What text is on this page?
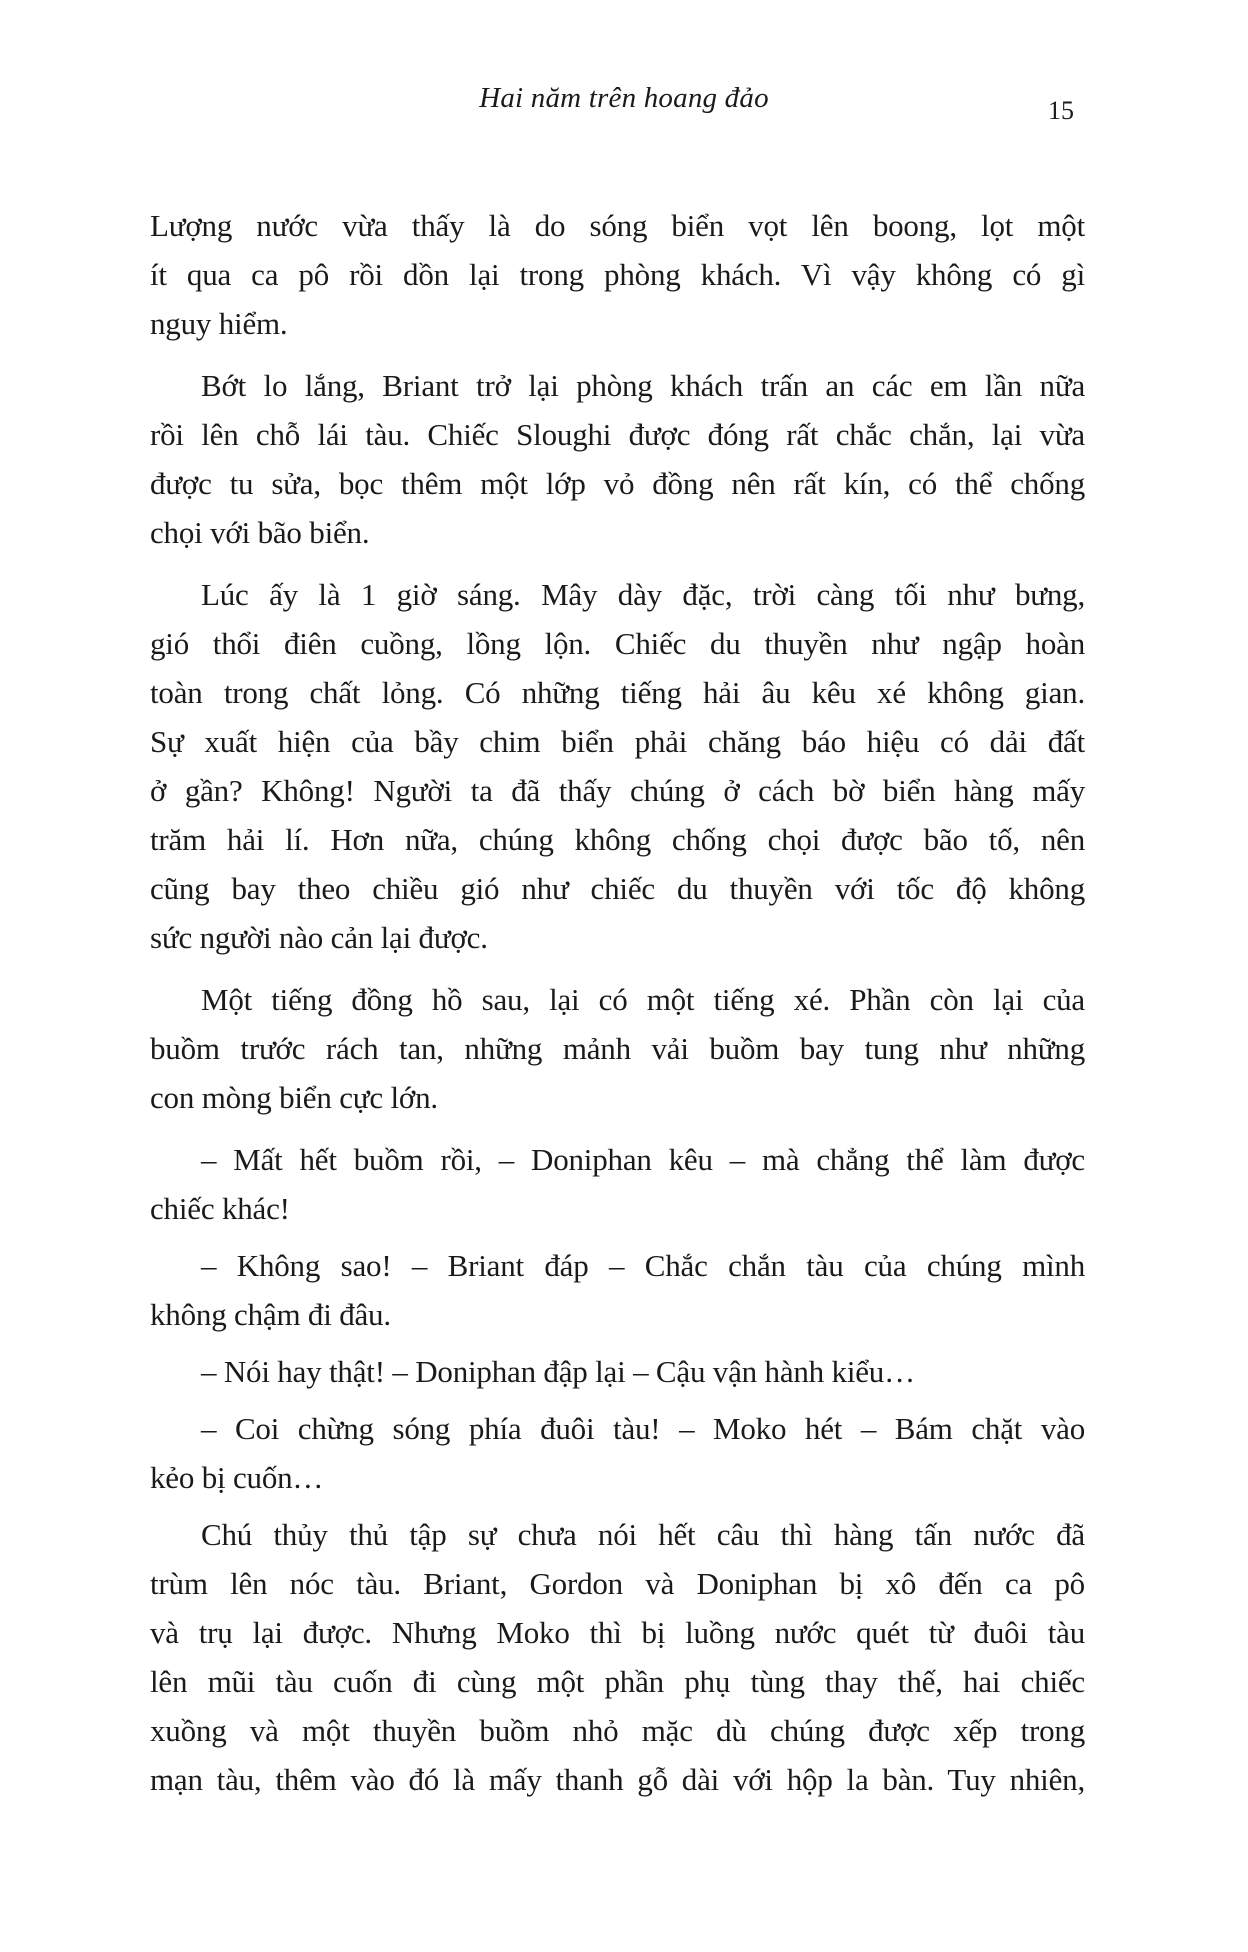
Hai năm trên hoang đảo	15

Lượng nước vừa thấy là do sóng biển vọt lên boong, lọt một
ít qua ca pô rồi dồn lại trong phòng khách. Vì vậy không có gì
nguy hiểm.

Bớt lo lắng, Briant trở lại phòng khách trấn an các em lần nữa
rồi lên chỗ lái tàu. Chiếc Sloughi được đóng rất chắc chắn, lại vừa
được tu sửa, bọc thêm một lớp vỏ đồng nên rất kín, có thể chống
chọi với bão biển.

Lúc ấy là 1 giờ sáng. Mây dày đặc, trời càng tối như bưng,
gió thổi điên cuồng, lồng lộn. Chiếc du thuyền như ngập hoàn
toàn trong chất lỏng. Có những tiếng hải âu kêu xé không gian.
Sự xuất hiện của bầy chim biển phải chăng báo hiệu có dải đất
ở gần? Không! Người ta đã thấy chúng ở cách bờ biển hàng mấy
trăm hải lí. Hơn nữa, chúng không chống chọi được bão tố, nên
cũng bay theo chiều gió như chiếc du thuyền với tốc độ không
sức người nào cản lại được.

Một tiếng đồng hồ sau, lại có một tiếng xé. Phần còn lại của
buồm trước rách tan, những mảnh vải buồm bay tung như những
con mòng biển cực lớn.

– Mất hết buồm rồi, – Doniphan kêu – mà chẳng thể làm được
chiếc khác!

– Không sao! – Briant đáp – Chắc chắn tàu của chúng mình
không chậm đi đâu.

– Nói hay thật! – Doniphan đập lại – Cậu vận hành kiểu…

– Coi chừng sóng phía đuôi tàu! – Moko hét – Bám chặt vào
kẻo bị cuốn…

Chú thủy thủ tập sự chưa nói hết câu thì hàng tấn nước đã
trùm lên nóc tàu. Briant, Gordon và Doniphan bị xô đến ca pô
và trụ lại được. Nhưng Moko thì bị luồng nước quét từ đuôi tàu
lên mũi tàu cuốn đi cùng một phần phụ tùng thay thế, hai chiếc
xuồng và một thuyền buồm nhỏ mặc dù chúng được xếp trong
mạn tàu, thêm vào đó là mấy thanh gỗ dài với hộp la bàn. Tuy nhiên,
